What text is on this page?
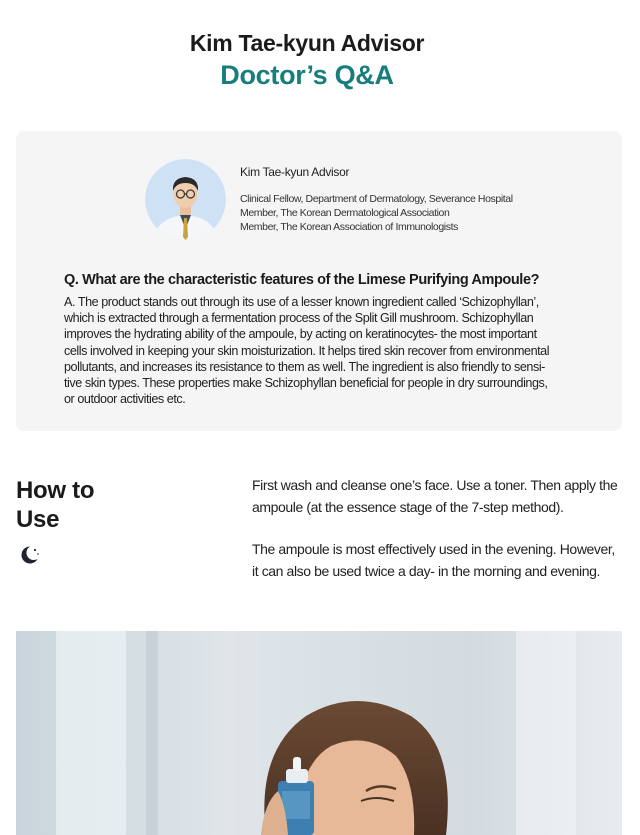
Kim Tae-kyun Advisor
Doctor’s Q&A
Kim Tae-kyun Advisor
Clinical Fellow, Department of Dermatology, Severance Hospital
Member, The Korean Dermatological Association
Member, The Korean Association of Immunologists
Q. What are the characteristic features of the Limese Purifying Ampoule?
A. The product stands out through its use of a lesser known ingredient called ‘Schizophyllan’,
which is extracted through a fermentation process of the Split Gill mushroom. Schizophyllan
improves the hydrating ability of the ampoule, by acting on keratinocytes- the most important
cells involved in keeping your skin moisturization. It helps tired skin recover from environmental
pollutants, and increases its resistance to them as well. The ingredient is also friendly to sensi-
tive skin types. These properties make Schizophyllan beneficial for people in dry surroundings,
or outdoor activities etc.
How to
Use
First wash and cleanse one’s face. Use a toner. Then apply the
ampoule (at the essence stage of the 7-step method).
The ampoule is most effectively used in the evening. However,
it can also be used twice a day- in the morning and evening.
